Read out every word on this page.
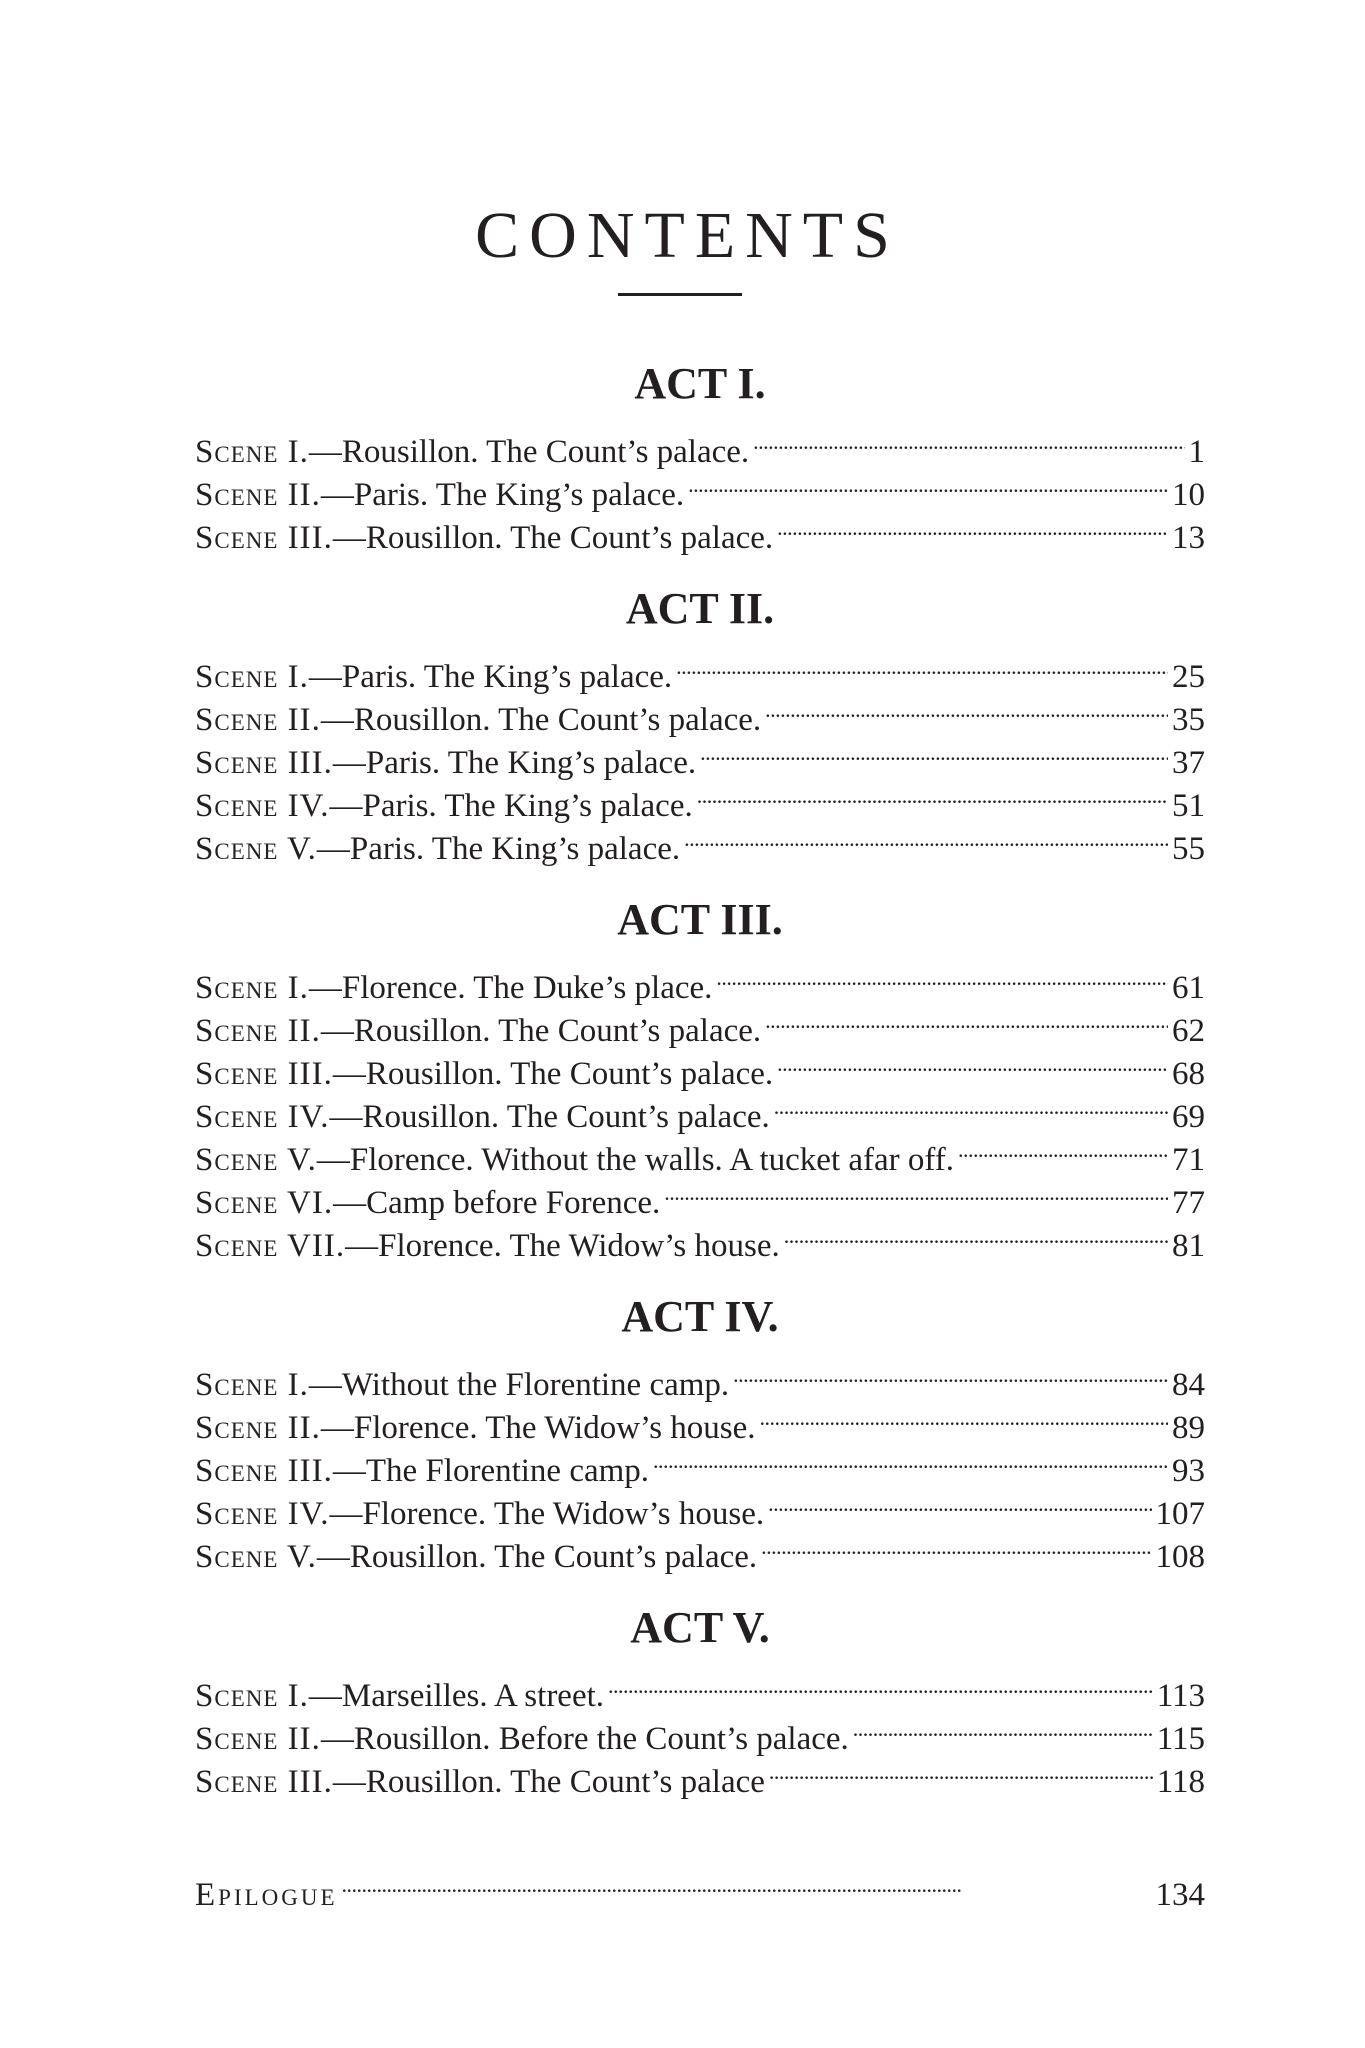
CONTENTS
ACT I.
Scene I.—Rousillon. The Count’s palace. . . .	1
Scene II.—Paris. The King’s palace. . . .	10
Scene III.—Rousillon. The Count’s palace. . . .	13
ACT II.
Scene I.—Paris. The King’s palace. . . .	25
Scene II.—Rousillon. The Count’s palace. . . .	35
Scene III.—Paris. The King’s palace. . . .	37
Scene IV.—Paris. The King’s palace. . . .	51
Scene V.—Paris. The King’s palace. . . .	55
ACT III.
Scene I.—Florence. The Duke’s place. . . .	61
Scene II.—Rousillon. The Count’s palace. . . .	62
Scene III.—Rousillon. The Count’s palace. . . .	68
Scene IV.—Rousillon. The Count’s palace. . . .	69
Scene V.—Florence. Without the walls. A tucket afar off. . . .	71
Scene VI.—Camp before Forence. . . .	77
Scene VII.—Florence. The Widow’s house. . . .	81
ACT IV.
Scene I.—Without the Florentine camp. . . .	84
Scene II.—Florence. The Widow’s house. . . .	89
Scene III.—The Florentine camp. . . .	93
Scene IV.—Florence. The Widow’s house. . . .	107
Scene V.—Rousillon. The Count’s palace. . . .	108
ACT V.
Scene I.—Marseilles. A street. . . .	113
Scene II.—Rousillon. Before the Count’s palace. . . .	115
Scene III.—Rousillon. The Count’s palace . . .	118
Epilogue . . .	134
